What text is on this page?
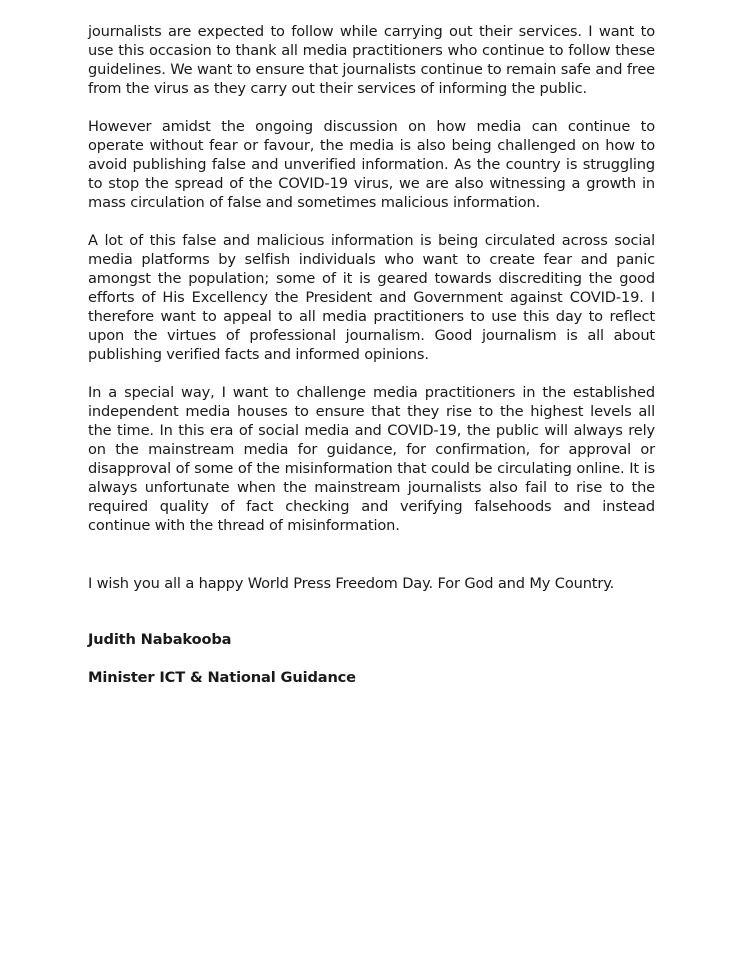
journalists are expected to follow while carrying out their services. I want to use this occasion to thank all media practitioners who continue to follow these guidelines. We want to ensure that journalists continue to remain safe and free from the virus as they carry out their services of informing the public.

However amidst the ongoing discussion on how media can continue to operate without fear or favour, the media is also being challenged on how to avoid publishing false and unverified information. As the country is struggling to stop the spread of the COVID-19 virus, we are also witnessing a growth in mass circulation of false and sometimes malicious information.

A lot of this false and malicious information is being circulated across social media platforms by selfish individuals who want to create fear and panic amongst the population; some of it is geared towards discrediting the good efforts of His Excellency the President and Government against COVID-19. I therefore want to appeal to all media practitioners to use this day to reflect upon the virtues of professional journalism. Good journalism is all about publishing verified facts and informed opinions.

In a special way, I want to challenge media practitioners in the established independent media houses to ensure that they rise to the highest levels all the time. In this era of social media and COVID-19, the public will always rely on the mainstream media for guidance, for confirmation, for approval or disapproval of some of the misinformation that could be circulating online. It is always unfortunate when the mainstream journalists also fail to rise to the required quality of fact checking and verifying falsehoods and instead continue with the thread of misinformation.

I wish you all a happy World Press Freedom Day. For God and My Country.

Judith Nabakooba

Minister ICT & National Guidance
